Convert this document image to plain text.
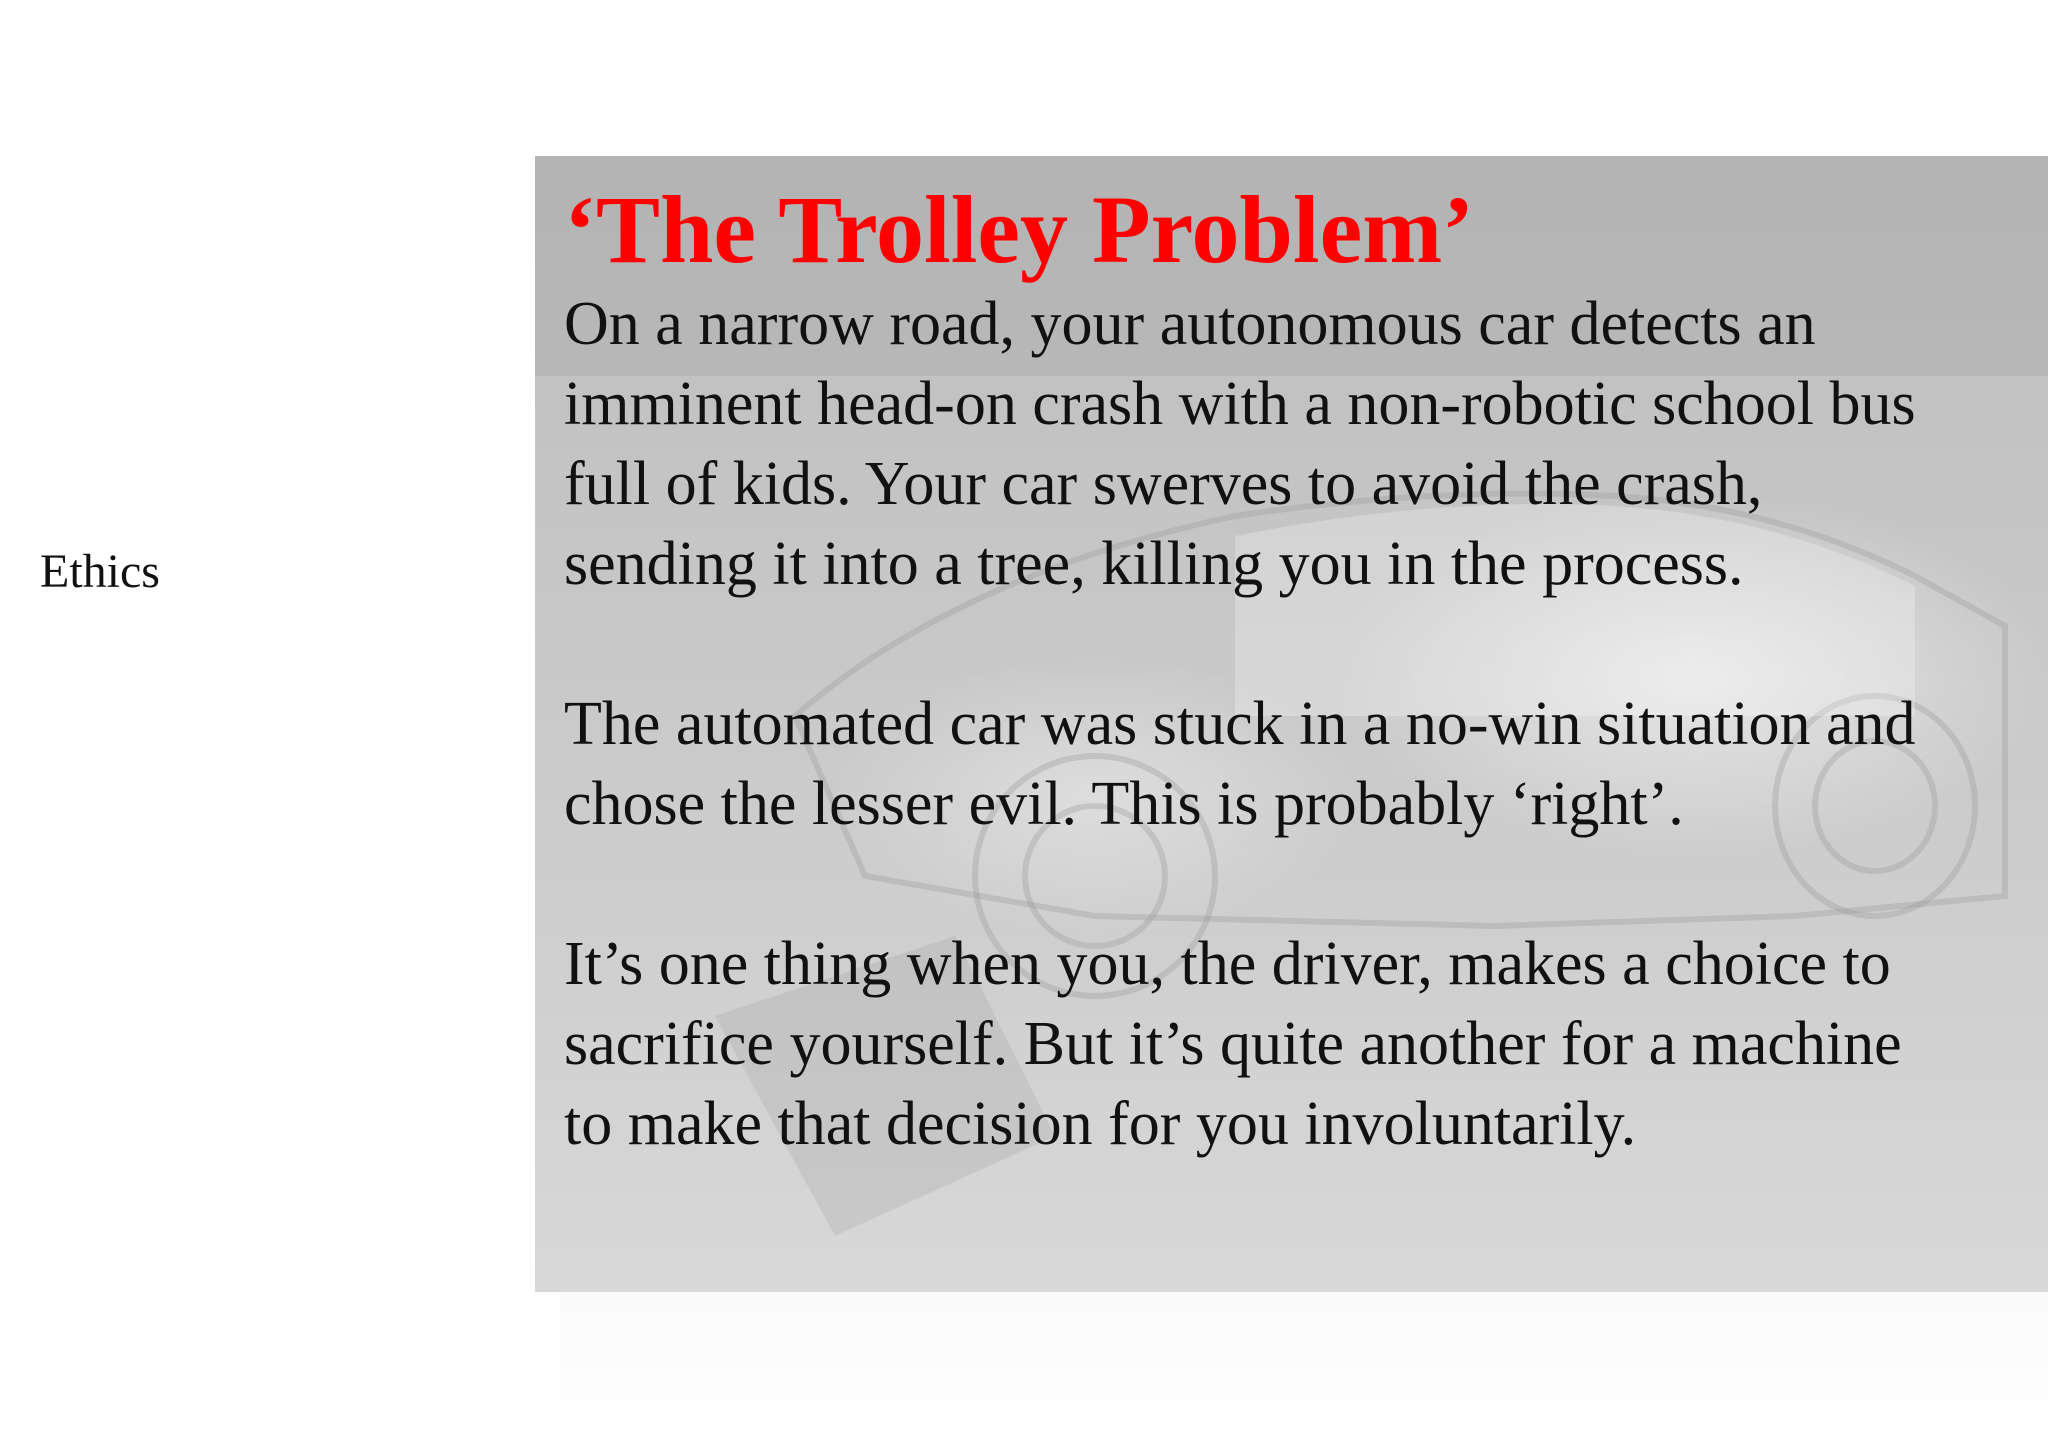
Ethics
‘The Trolley Problem’

On a narrow road, your autonomous car detects an
imminent head-on crash with a non-robotic school bus
full of kids. Your car swerves to avoid the crash,
sending it into a tree, killing you in the process.

The automated car was stuck in a no-win situation and
chose the lesser evil. This is probably ‘right’.

It’s one thing when you, the driver, makes a choice to
sacrifice yourself. But it’s quite another for a machine
to make that decision for you involuntarily.
